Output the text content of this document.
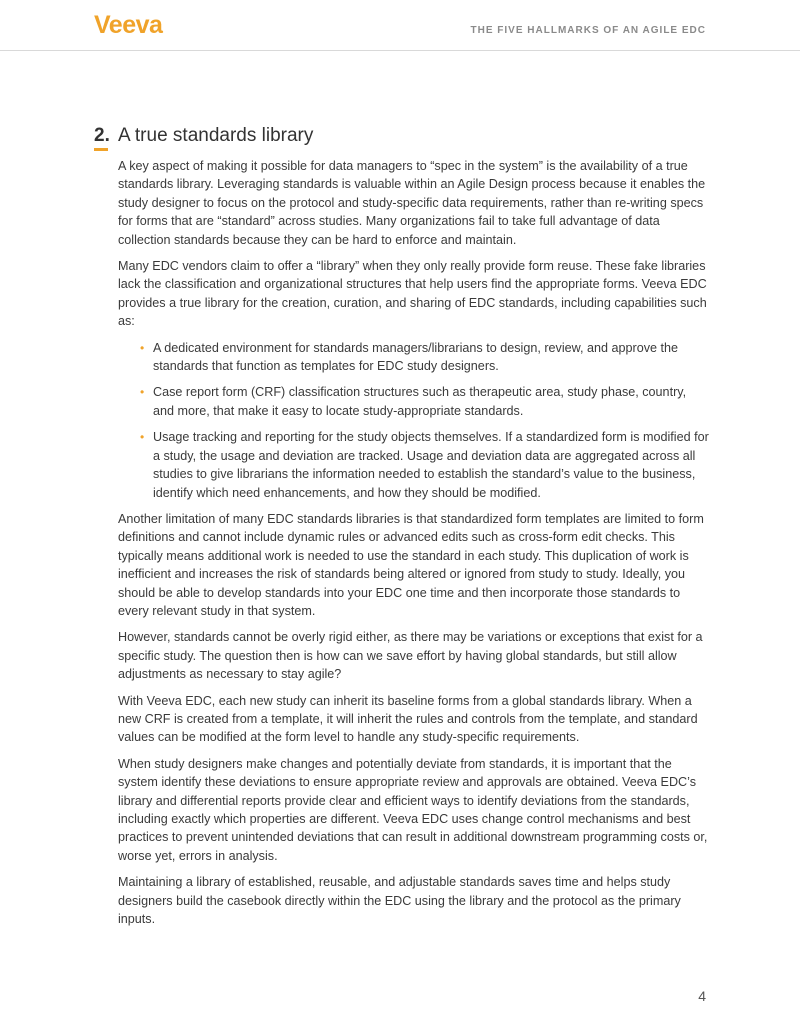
Veeva	THE FIVE HALLMARKS OF AN AGILE EDC
2. A true standards library

A key aspect of making it possible for data managers to “spec in the system” is the availability of a true standards library. Leveraging standards is valuable within an Agile Design process because it enables the study designer to focus on the protocol and study-specific data requirements, rather than re-writing specs for forms that are “standard” across studies. Many organizations fail to take full advantage of data collection standards because they can be hard to enforce and maintain.

Many EDC vendors claim to offer a “library” when they only really provide form reuse. These fake libraries lack the classification and organizational structures that help users find the appropriate forms. Veeva EDC provides a true library for the creation, curation, and sharing of EDC standards, including capabilities such as:

• A dedicated environment for standards managers/librarians to design, review, and approve the standards that function as templates for EDC study designers.
• Case report form (CRF) classification structures such as therapeutic area, study phase, country, and more, that make it easy to locate study-appropriate standards.
• Usage tracking and reporting for the study objects themselves. If a standardized form is modified for a study, the usage and deviation are tracked. Usage and deviation data are aggregated across all studies to give librarians the information needed to establish the standard’s value to the business, identify which need enhancements, and how they should be modified.

Another limitation of many EDC standards libraries is that standardized form templates are limited to form definitions and cannot include dynamic rules or advanced edits such as cross-form edit checks. This typically means additional work is needed to use the standard in each study. This duplication of work is inefficient and increases the risk of standards being altered or ignored from study to study. Ideally, you should be able to develop standards into your EDC one time and then incorporate those standards to every relevant study in that system.

However, standards cannot be overly rigid either, as there may be variations or exceptions that exist for a specific study. The question then is how can we save effort by having global standards, but still allow adjustments as necessary to stay agile?

With Veeva EDC, each new study can inherit its baseline forms from a global standards library. When a new CRF is created from a template, it will inherit the rules and controls from the template, and standard values can be modified at the form level to handle any study-specific requirements.

When study designers make changes and potentially deviate from standards, it is important that the system identify these deviations to ensure appropriate review and approvals are obtained. Veeva EDC’s library and differential reports provide clear and efficient ways to identify deviations from the standards, including exactly which properties are different. Veeva EDC uses change control mechanisms and best practices to prevent unintended deviations that can result in additional downstream programming costs or, worse yet, errors in analysis.

Maintaining a library of established, reusable, and adjustable standards saves time and helps study designers build the casebook directly within the EDC using the library and the protocol as the primary inputs.

4
